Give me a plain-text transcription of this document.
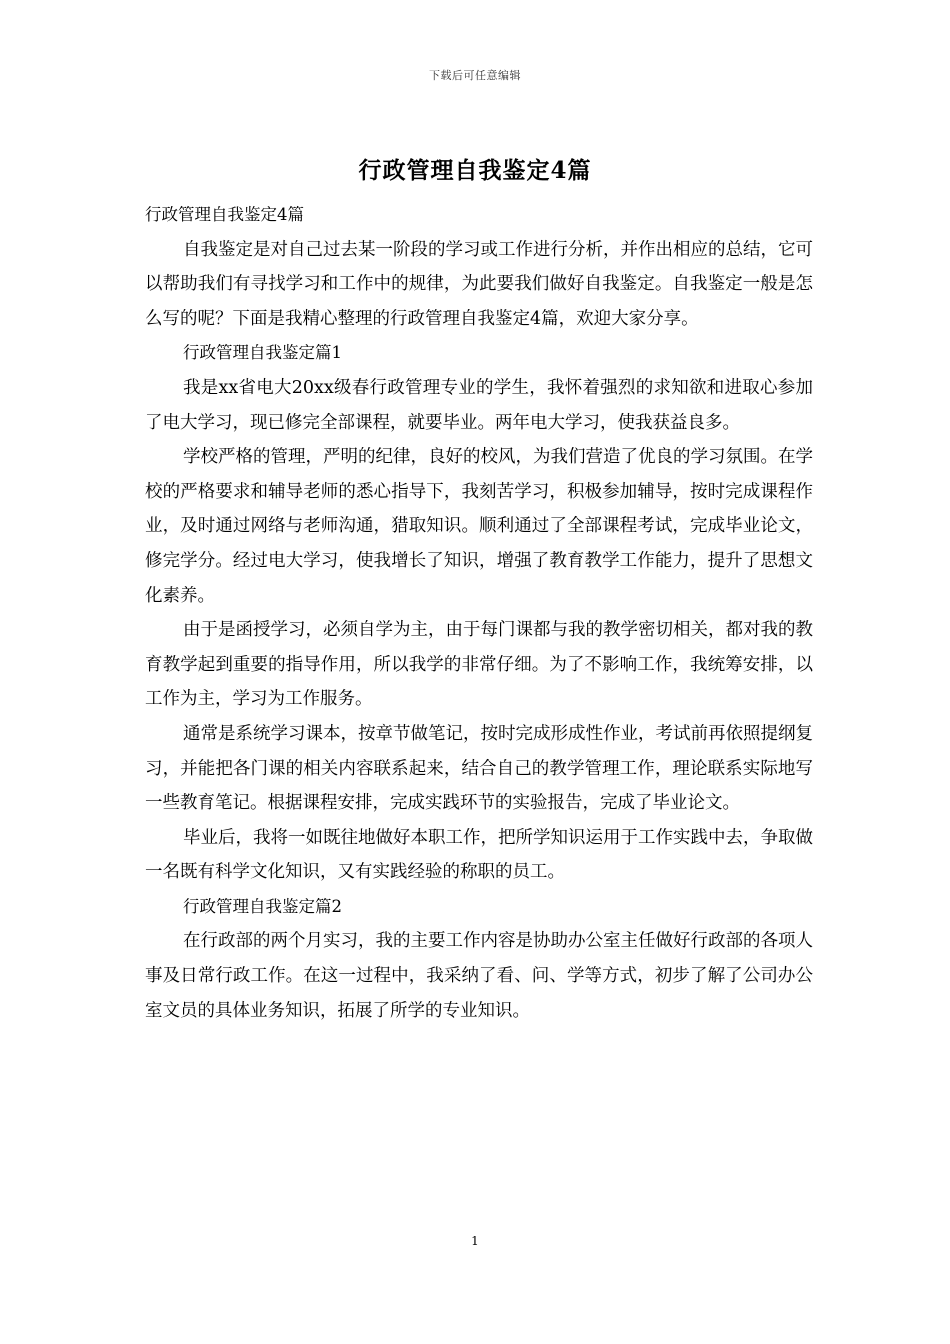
下载后可任意编辑
行政管理自我鉴定4篇

行政管理自我鉴定4篇

自我鉴定是对自己过去某一阶段的学习或工作进行分析，并作出相应的总结，它可以帮助我们有寻找学习和工作中的规律，为此要我们做好自我鉴定。自我鉴定一般是怎么写的呢？下面是我精心整理的行政管理自我鉴定4篇，欢迎大家分享。

行政管理自我鉴定篇1

我是xx省电大20xx级春行政管理专业的学生，我怀着强烈的求知欲和进取心参加了电大学习，现已修完全部课程，就要毕业。两年电大学习，使我获益良多。

学校严格的管理，严明的纪律，良好的校风，为我们营造了优良的学习氛围。在学校的严格要求和辅导老师的悉心指导下，我刻苦学习，积极参加辅导，按时完成课程作业，及时通过网络与老师沟通，猎取知识。顺利通过了全部课程考试，完成毕业论文，修完学分。经过电大学习，使我增长了知识，增强了教育教学工作能力，提升了思想文化素养。

由于是函授学习，必须自学为主，由于每门课都与我的教学密切相关，都对我的教育教学起到重要的指导作用，所以我学的非常仔细。为了不影响工作，我统筹安排，以工作为主，学习为工作服务。

通常是系统学习课本，按章节做笔记，按时完成形成性作业，考试前再依照提纲复习，并能把各门课的相关内容联系起来，结合自己的教学管理工作，理论联系实际地写一些教育笔记。根据课程安排，完成实践环节的实验报告，完成了毕业论文。

毕业后，我将一如既往地做好本职工作，把所学知识运用于工作实践中去，争取做一名既有科学文化知识，又有实践经验的称职的员工。

行政管理自我鉴定篇2

在行政部的两个月实习，我的主要工作内容是协助办公室主任做好行政部的各项人事及日常行政工作。在这一过程中，我采纳了看、问、学等方式，初步了解了公司办公室文员的具体业务知识，拓展了所学的专业知识。

1
